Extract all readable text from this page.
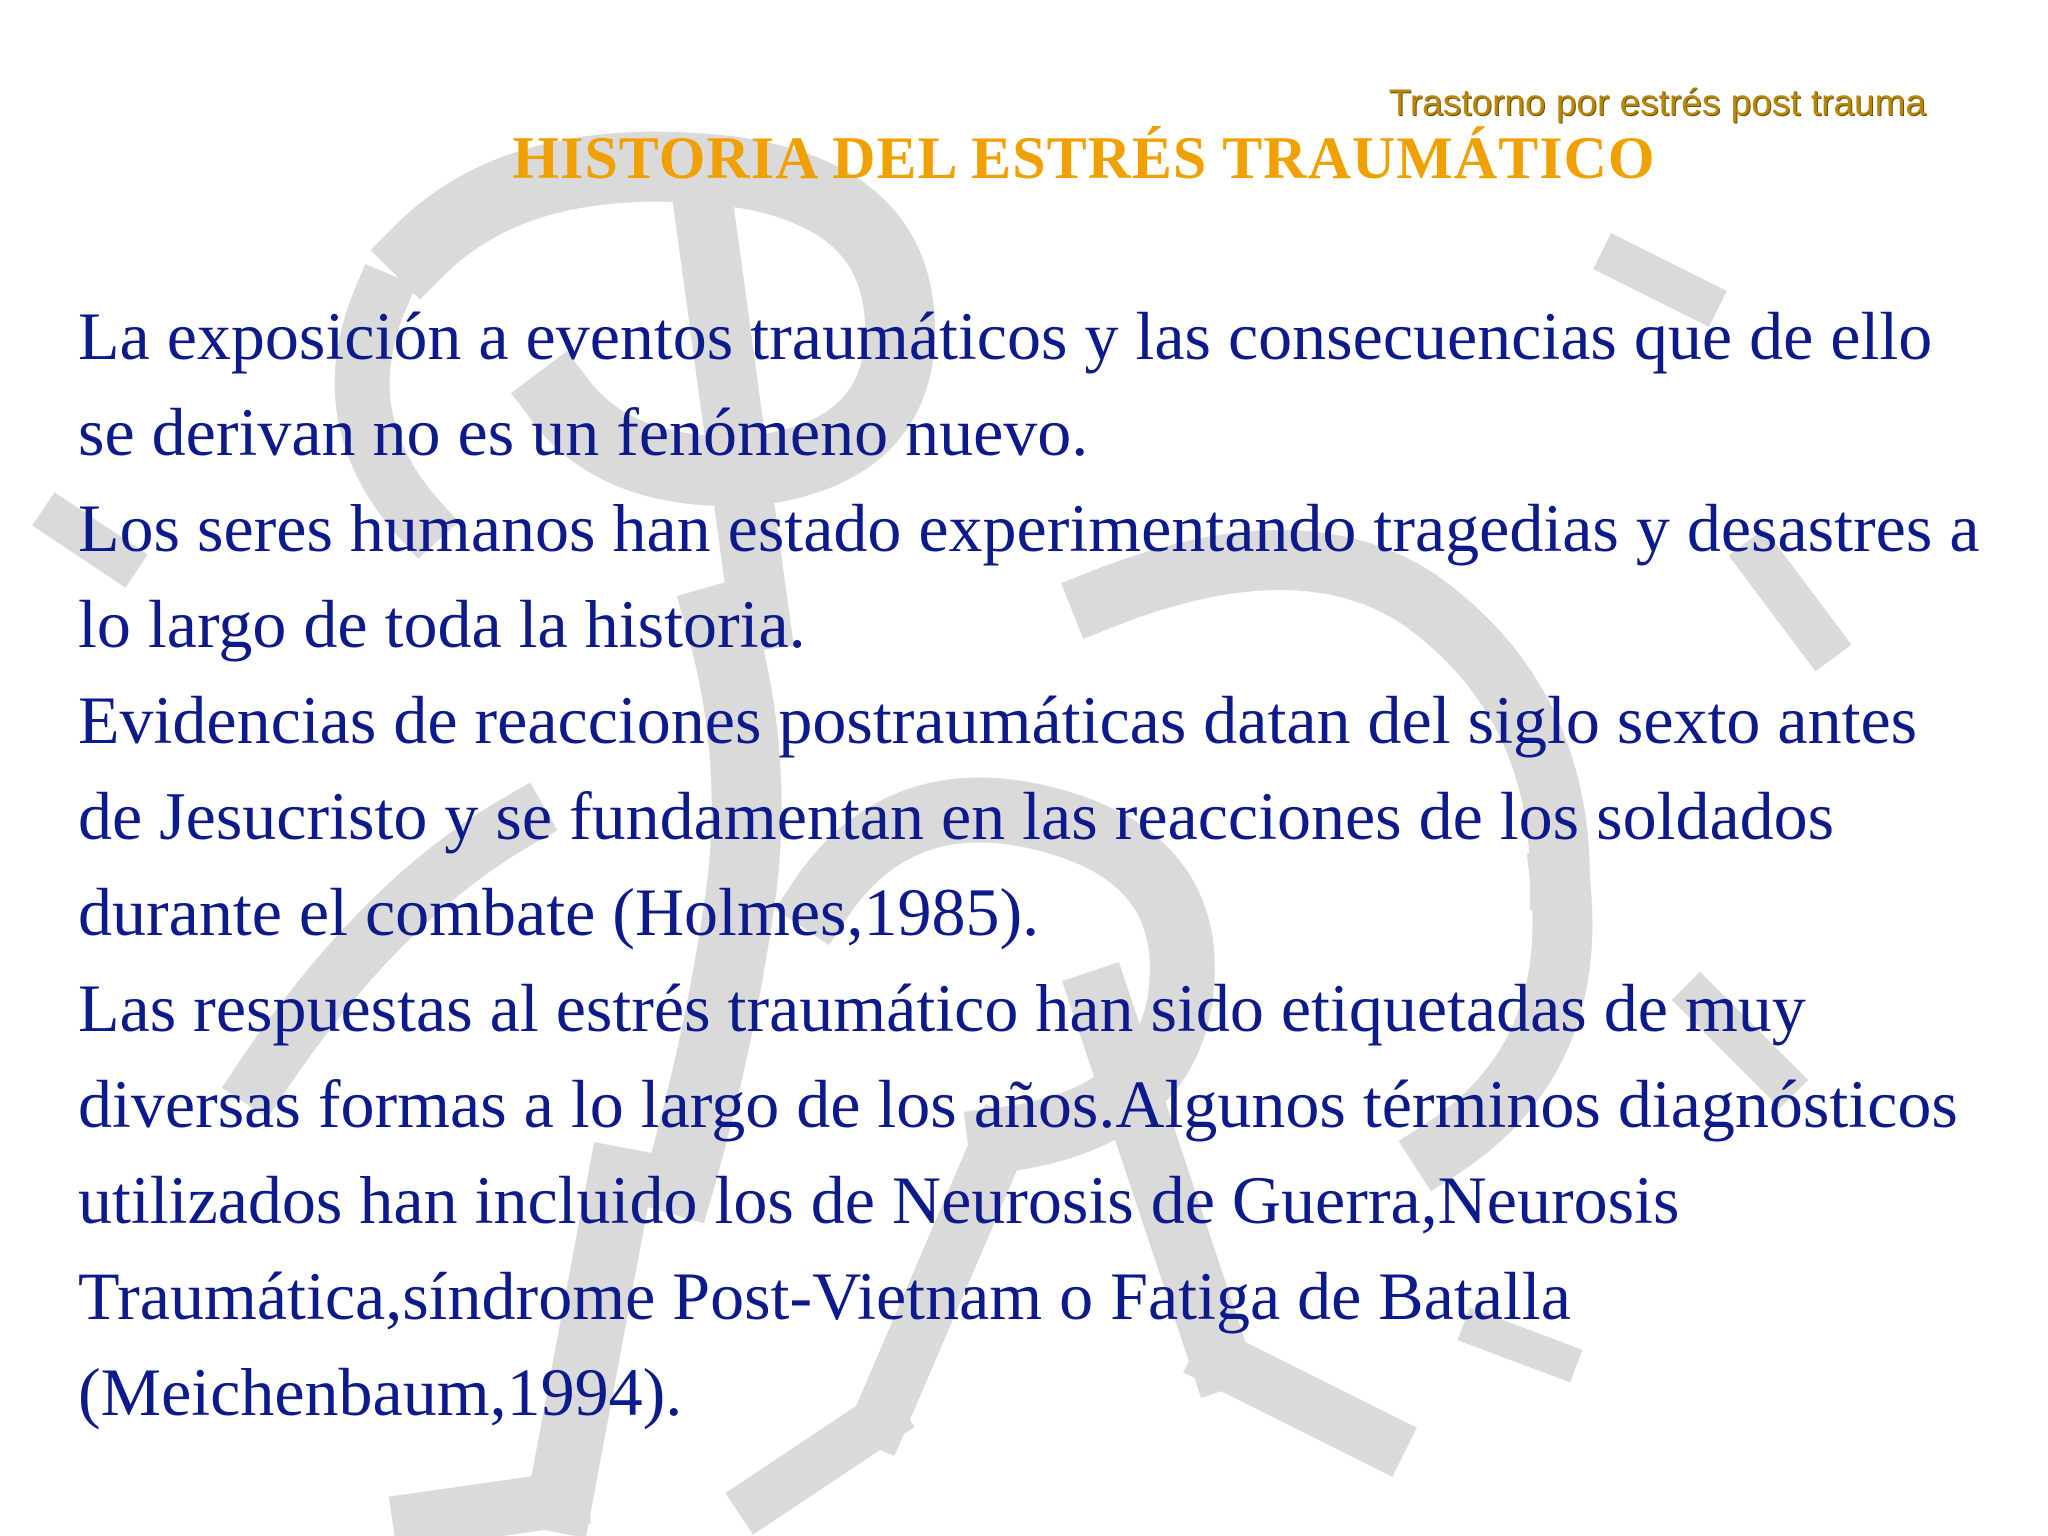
Trastorno por estrés post trauma
HISTORIA DEL ESTRÉS TRAUMÁTICO

La exposición a eventos traumáticos y las consecuencias que de ello se derivan no es un fenómeno nuevo.

Los seres humanos han estado experimentando tragedias y desastres a lo largo de toda la historia.

Evidencias de reacciones postraumáticas datan del siglo sexto antes de Jesucristo y se fundamentan en las reacciones de los soldados durante el combate (Holmes,1985).

Las respuestas al estrés traumático han sido etiquetadas de muy diversas formas a lo largo de los años.Algunos términos diagnósticos utilizados han incluido los de Neurosis de Guerra,Neurosis Traumática,síndrome Post-Vietnam o Fatiga de Batalla (Meichenbaum,1994).
